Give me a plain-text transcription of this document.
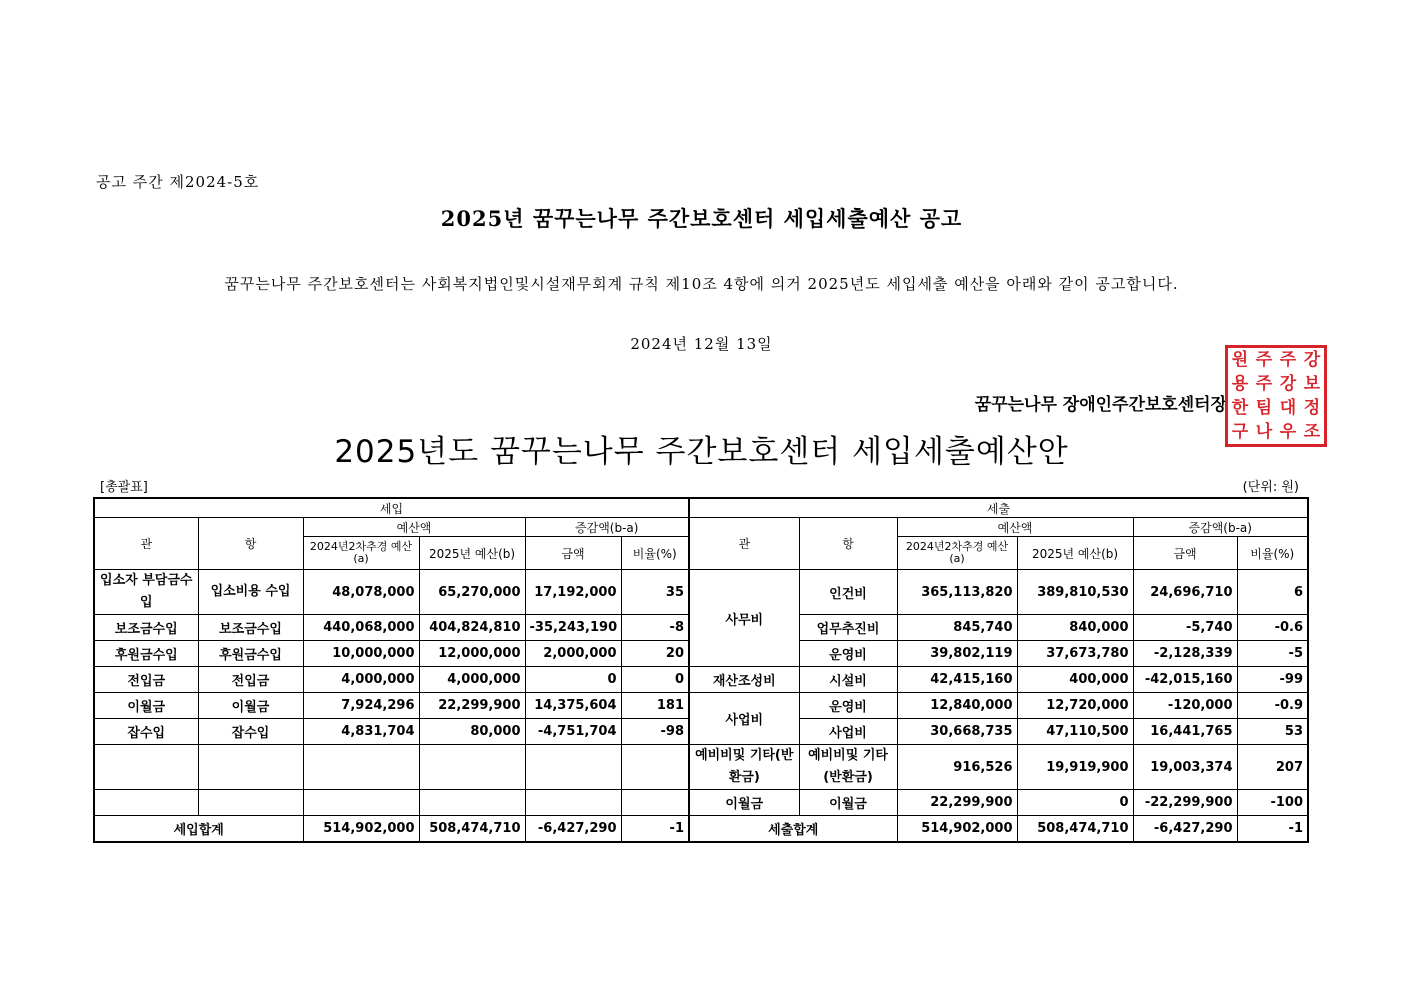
공고 주간 제2024-5호
2025년 꿈꾸는나무 주간보호센터 세입세출예산 공고
꿈꾸는나무 주간보호센터는 사회복지법인및시설재무회계 규칙 제10조 4항에 의거 2025년도 세입세출 예산을 아래와 같이 공고합니다.
2024년 12월 13일
꿈꾸는나무 장애인주간보호센터장
원 주 주 강
용 주 강 보
한 팀 대 정
구 나 우 조
2025년도 꿈꾸는나무 주간보호센터 세입세출예산안
[총괄표]	(단위: 원)
세입						세출					
관	항	예산액		증감액(b-a)		관	항	예산액		증감액(b-a)	
		2024년2차추경 예산(a)	2025년 예산(b)	금액	비율(%)			2024년2차추경 예산(a)	2025년 예산(b)	금액	비율(%)
입소자 부담금수입	입소비용 수입	48,078,000	65,270,000	17,192,000	35	사무비	인건비	365,113,820	389,810,530	24,696,710	6
보조금수입	보조금수입	440,068,000	404,824,810	-35,243,190	-8		업무추진비	845,740	840,000	-5,740	-0.6
후원금수입	후원금수입	10,000,000	12,000,000	2,000,000	20		운영비	39,802,119	37,673,780	-2,128,339	-5
전입금	전입금	4,000,000	4,000,000	0	0	재산조성비	시설비	42,415,160	400,000	-42,015,160	-99
이월금	이월금	7,924,296	22,299,900	14,375,604	181	사업비	운영비	12,840,000	12,720,000	-120,000	-0.9
잡수입	잡수입	4,831,704	80,000	-4,751,704	-98		사업비	30,668,735	47,110,500	16,441,765	53
						예비비및 기타(반환금)	예비비및 기타(반환금)	916,526	19,919,900	19,003,374	207
						이월금	이월금	22,299,900	0	-22,299,900	-100
세입합계		514,902,000	508,474,710	-6,427,290	-1	세출합계		514,902,000	508,474,710	-6,427,290	-1
